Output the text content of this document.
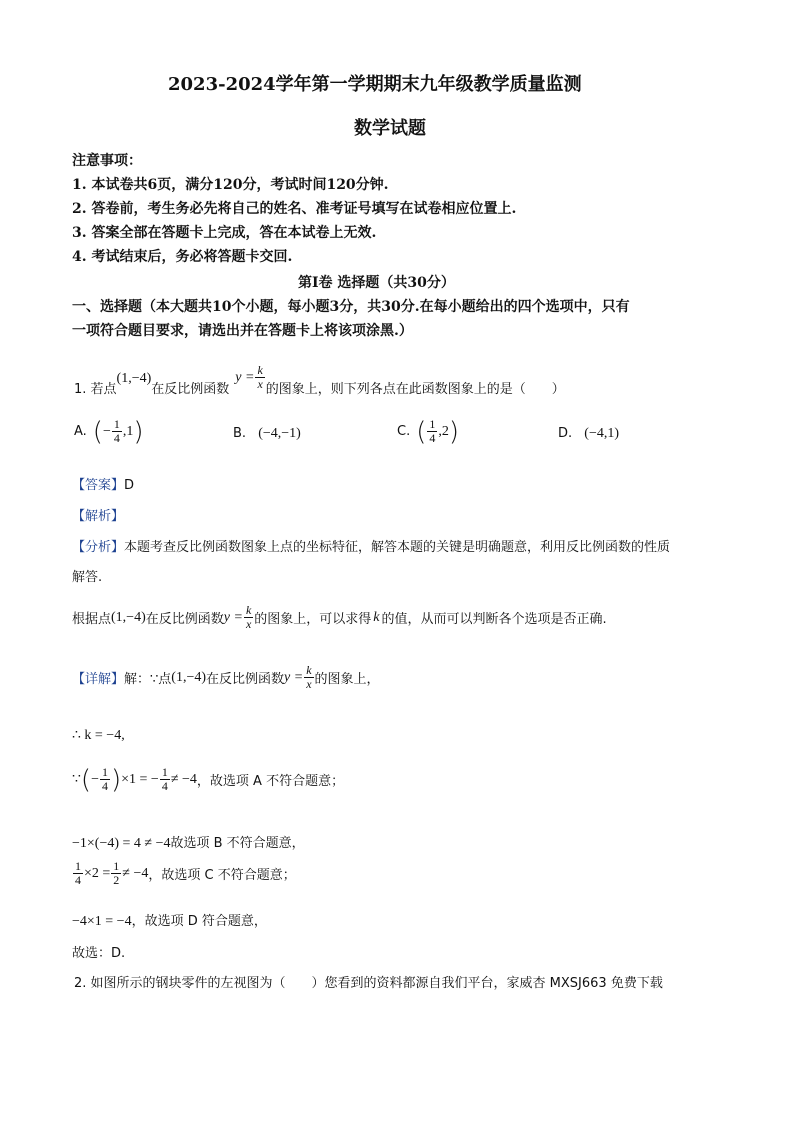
2023-2024学年第一学期期末九年级教学质量监测
数学试题
注意事项：
1. 本试卷共6页，满分120分，考试时间120分钟.
2. 答卷前，考生务必先将自己的姓名、准考证号填写在试卷相应位置上.
3. 答案全部在答题卡上完成，答在本试卷上无效.
4. 考试结束后，务必将答题卡交回.
第Ⅰ卷 选择题（共30分）
一、选择题（本大题共10个小题，每小题3分，共30分.在每小题给出的四个选项中，只有
一项符合题目要求，请选出并在答题卡上将该项涂黑.）
1. 若点
(1,−4)
在反比例函数
$y = \frac{k}{x}$ 的图象上，则下列各点在此函数图象上的是（　　）
A. ( − $\frac{1}{4} ,1$ )	B. (−4,−1)	C. ( $\frac{1}{4} ,2$ )	D. (−4,1)
【答案】D
【解析】
【分析】本题考查反比例函数图象上点的坐标特征，解答本题的关键是明确题意，利用反比例函数的性质
解答.
根据点 (1,−4) 在反比例函数 $y = \frac{k}{x}$ 的图象上，可以求得 k 的值，从而可以判断各个选项是否正确.
【详解】 解：∵点 (1,−4) 在反比例函数 $y = \frac{k}{x}$ 的图象上，
∴ k = −4,
∵ ( − $\frac{1}{4}$ ) ×1 = − $\frac{1}{4} \ne -4$ ，故选项 A 不符合题意；
−1×(−4) = 4 ≠ −4故选项 B 不符合题意，
$\frac{1}{4} \times 2 = \frac{1}{2} \ne -4$ ，故选项 C 不符合题意；
−4×1 = −4，故选项 D 符合题意，
故选：D.
2. 如图所示的钢块零件的左视图为（　　）您看到的资料都源自我们平台，家威杏 MXSJ663 免费下载
